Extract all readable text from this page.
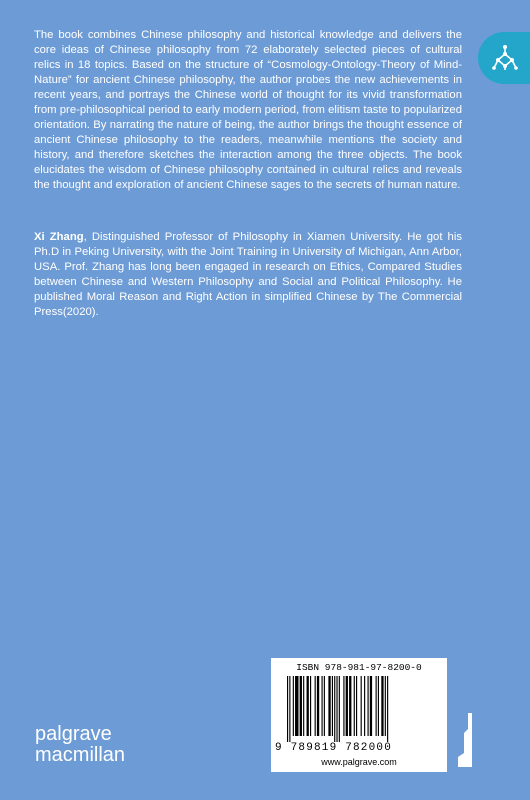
The book combines Chinese philosophy and historical knowledge and delivers the core ideas of Chinese philosophy from 72 elaborately selected pieces of cultural relics in 18 topics. Based on the structure of “Cosmology-Ontology-Theory of Mind-Nature” for ancient Chinese philosophy, the author probes the new achievements in recent years, and portrays the Chinese world of thought for its vivid transformation from pre-philosophical period to early modern period, from elitism taste to popularized orientation. By narrating the nature of being, the author brings the thought essence of ancient Chinese philosophy to the readers, meanwhile mentions the society and history, and therefore sketches the interaction among the three objects. The book elucidates the wisdom of Chinese philosophy contained in cultural relics and reveals the thought and exploration of ancient Chinese sages to the secrets of human nature.

Xi Zhang, Distinguished Professor of Philosophy in Xiamen University. He got his Ph.D in Peking University, with the Joint Training in University of Michigan, Ann Arbor, USA. Prof. Zhang has long been engaged in research on Ethics, Compared Studies between Chinese and Western Philosophy and Social and Political Philosophy. He published Moral Reason and Right Action in simplified Chinese by The Commercial Press(2020).

ISBN 978-981-97-8200-0
9 789819 782000
www.palgrave.com
palgrave
macmillan
